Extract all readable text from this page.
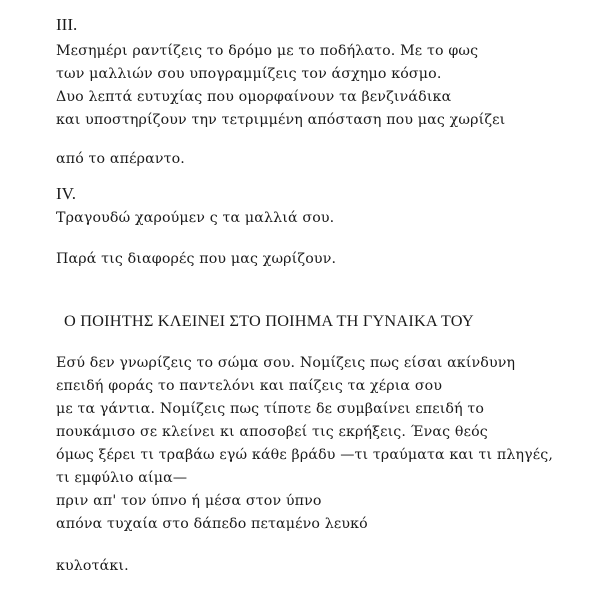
III.
Μεσημέρι ραντίζεις το δρόμο με το ποδήλατο. Με το φως
των μαλλιών σου υπογραμμίζεις τον άσχημο κόσμο.
Δυο λεπτά ευτυχίας που ομορφαίνουν τα βενζινάδικα
και υποστηρίζουν την τετριμμένη απόσταση που μας χωρίζει
από το απέραντο.
IV.
Τραγουδώ χαρούμεν ς τα μαλλιά σου.
Παρά τις διαφορές που μας χωρίζουν.
Ο ΠΟΙΗΤΗΣ ΚΛΕΙΝΕΙ ΣΤΟ ΠΟΙΗΜΑ ΤΗ ΓΥΝΑΙΚΑ ΤΟΥ
Εσύ δεν γνωρίζεις το σώμα σου. Νομίζεις πως είσαι ακίνδυνη
επειδή φοράς το παντελόνι και παίζεις τα χέρια σου
με τα γάντια. Νομίζεις πως τίποτε δε συμβαίνει επειδή το
πουκάμισο σε κλείνει κι αποσοβεί τις εκρήξεις. Ένας θεός
όμως ξέρει τι τραβάω εγώ κάθε βράδυ —τι τραύματα και τι πληγές,
τι εμφύλιο αίμα—
πριν απ' τον ύπνο ή μέσα στον ύπνο
απόνα τυχαία στο δάπεδο πεταμένο λευκό
κυλοτάκι.
